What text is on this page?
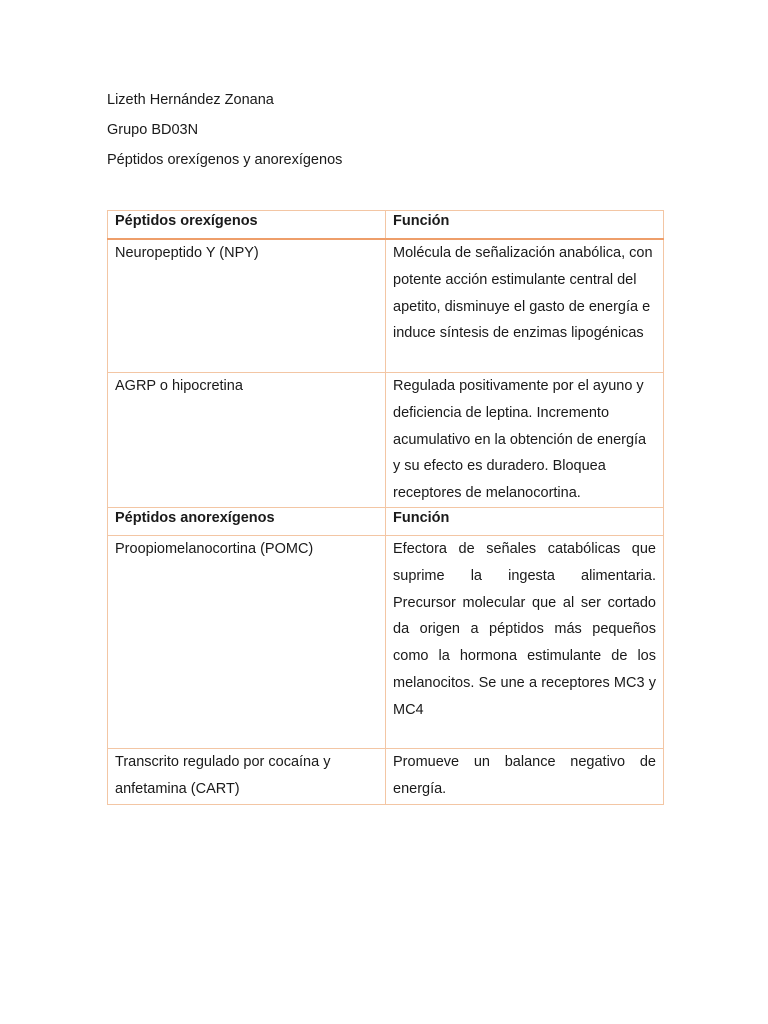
Lizeth Hernández Zonana
Grupo BD03N
Péptidos orexígenos y anorexígenos
Péptidos orexígenos	Función
Neuropeptido Y (NPY)	Molécula de señalización anabólica, con potente acción estimulante central del apetito, disminuye el gasto de energía e induce síntesis de enzimas lipogénicas
AGRP o hipocretina	Regulada positivamente por el ayuno y deficiencia de leptina. Incremento acumulativo en la obtención de energía y su efecto es duradero. Bloquea receptores de melanocortina.
Péptidos anorexígenos	Función
Proopiomelanocortina (POMC)	Efectora de señales catabólicas que suprime la ingesta alimentaria. Precursor molecular que al ser cortado da origen a péptidos más pequeños como la hormona estimulante de los melanocitos. Se une a receptores MC3 y MC4
Transcrito regulado por cocaína y anfetamina (CART)	Promueve un balance negativo de energía.
